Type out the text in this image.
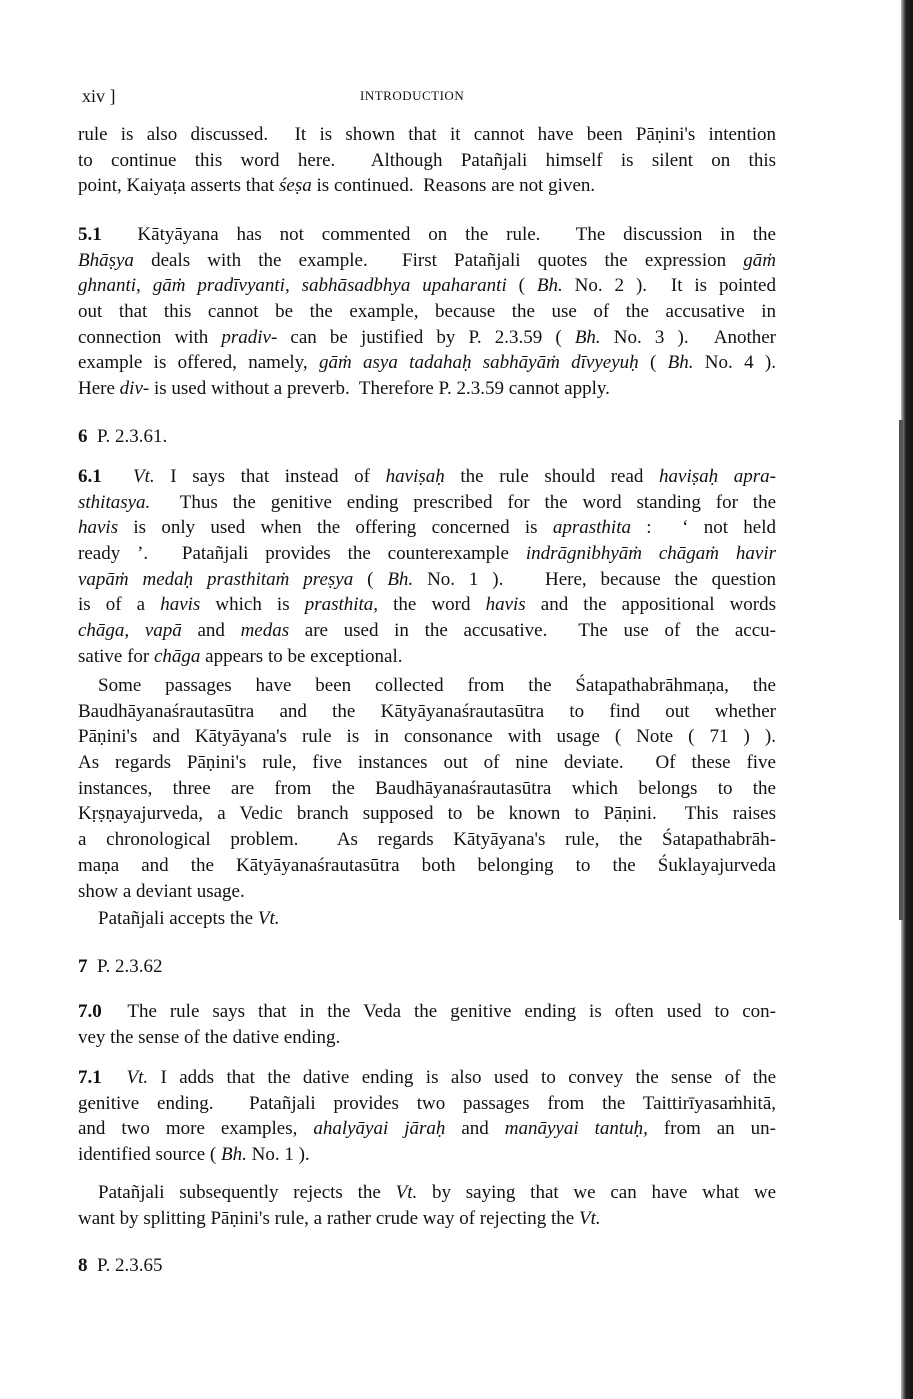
xiv ]	INTRODUCTION
rule is also discussed.  It is shown that it cannot have been Pāṇini's intention
to continue this word here.  Although Patañjali himself is silent on this
point, Kaiyaṭa asserts that śeṣa is continued.  Reasons are not given.
5.1  Kātyāyana has not commented on the rule.  The discussion in the
Bhāṣya deals with the example.  First Patañjali quotes the expression gāṁ
ghnanti, gāṁ pradīvyanti, sabhāsadbhya upaharanti ( Bh. No. 2 ).  It is pointed
out that this cannot be the example, because the use of the accusative in
connection with pradiv- can be justified by P. 2.3.59 ( Bh. No. 3 ).  Another
example is offered, namely, gāṁ asya tadahaḥ sabhāyāṁ dīvyeyuḥ ( Bh. No. 4 ).
Here div- is used without a preverb.  Therefore P. 2.3.59 cannot apply.
6  P. 2.3.61.
6.1 Vt. I says that instead of haviṣaḥ the rule should read haviṣaḥ apra-
sthitasya.  Thus the genitive ending prescribed for the word standing for the
havis is only used when the offering concerned is aprasthita :  ‘ not held
ready ’.  Patañjali provides the counterexample indrāgnibhyāṁ chāgaṁ havir
vapāṁ medaḥ prasthitaṁ preṣya ( Bh. No. 1 ).   Here, because the question
is of a havis which is prasthita, the word havis and the appositional words
chāga, vapā and medas are used in the accusative.  The use of the accu-
sative for chāga appears to be exceptional.
Some passages have been collected from the Śatapathabrāhmaṇa, the
Baudhāyanaśrautasūtra and the Kātyāyanaśrautasūtra to find out whether
Pāṇini's and Kātyāyana's rule is in consonance with usage ( Note ( 71 ) ).
As regards Pāṇini's rule, five instances out of nine deviate.  Of these five
instances, three are from the Baudhāyanaśrautasūtra which belongs to the
Kṛṣṇayajurveda, a Vedic branch supposed to be known to Pāṇini.  This raises
a chronological problem.  As regards Kātyāyana's rule, the Śatapathabrāh-
maṇa and the Kātyāyanaśrautasūtra both belonging to the Śuklayajurveda
show a deviant usage.
Patañjali accepts the Vt.
7  P. 2.3.62
7.0  The rule says that in the Veda the genitive ending is often used to con-
vey the sense of the dative ending.
7.1 Vt. I adds that the dative ending is also used to convey the sense of the
genitive ending.  Patañjali provides two passages from the Taittirīyasaṁhitā,
and two more examples, ahalyāyai jāraḥ and manāyyai tantuḥ, from an un-
identified source ( Bh. No. 1 ).
Patañjali subsequently rejects the Vt. by saying that we can have what we
want by splitting Pāṇini's rule, a rather crude way of rejecting the Vt.
8  P. 2.3.65
